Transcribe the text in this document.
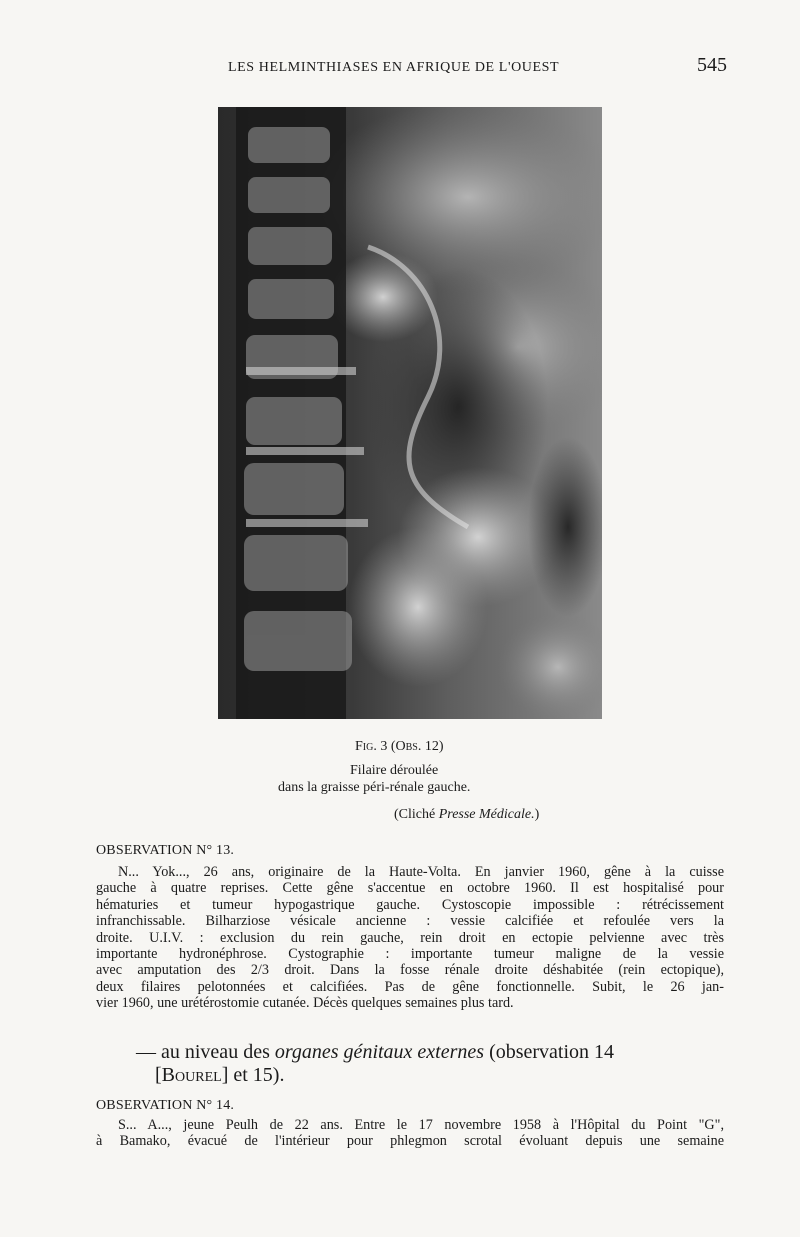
LES HELMINTHIASES EN AFRIQUE DE L'OUEST	545
Fig. 3 (Obs. 12)
Filaire déroulée
dans la graisse péri-rénale gauche.
(Cliché Presse Médicale.)
OBSERVATION N° 13.
N... Yok..., 26 ans, originaire de la Haute-Volta. En janvier 1960, gêne à la cuisse
gauche à quatre reprises. Cette gêne s'accentue en octobre 1960. Il est hospitalisé pour
hématuries et tumeur hypogastrique gauche. Cystoscopie impossible : rétrécissement
infranchissable. Bilharziose vésicale ancienne : vessie calcifiée et refoulée vers la
droite. U.I.V. : exclusion du rein gauche, rein droit en ectopie pelvienne avec très
importante hydronéphrose. Cystographie : importante tumeur maligne de la vessie
avec amputation des 2/3 droit. Dans la fosse rénale droite déshabitée (rein ectopique),
deux filaires pelotonnées et calcifiées. Pas de gêne fonctionnelle. Subit, le 26 jan-
vier 1960, une urétérostomie cutanée. Décès quelques semaines plus tard.
— au niveau des organes génitaux externes (observation 14
[Bourel] et 15).
OBSERVATION N° 14.
S... A..., jeune Peulh de 22 ans. Entre le 17 novembre 1958 à l'Hôpital du Point "G",
à Bamako, évacué de l'intérieur pour phlegmon scrotal évoluant depuis une semaine
